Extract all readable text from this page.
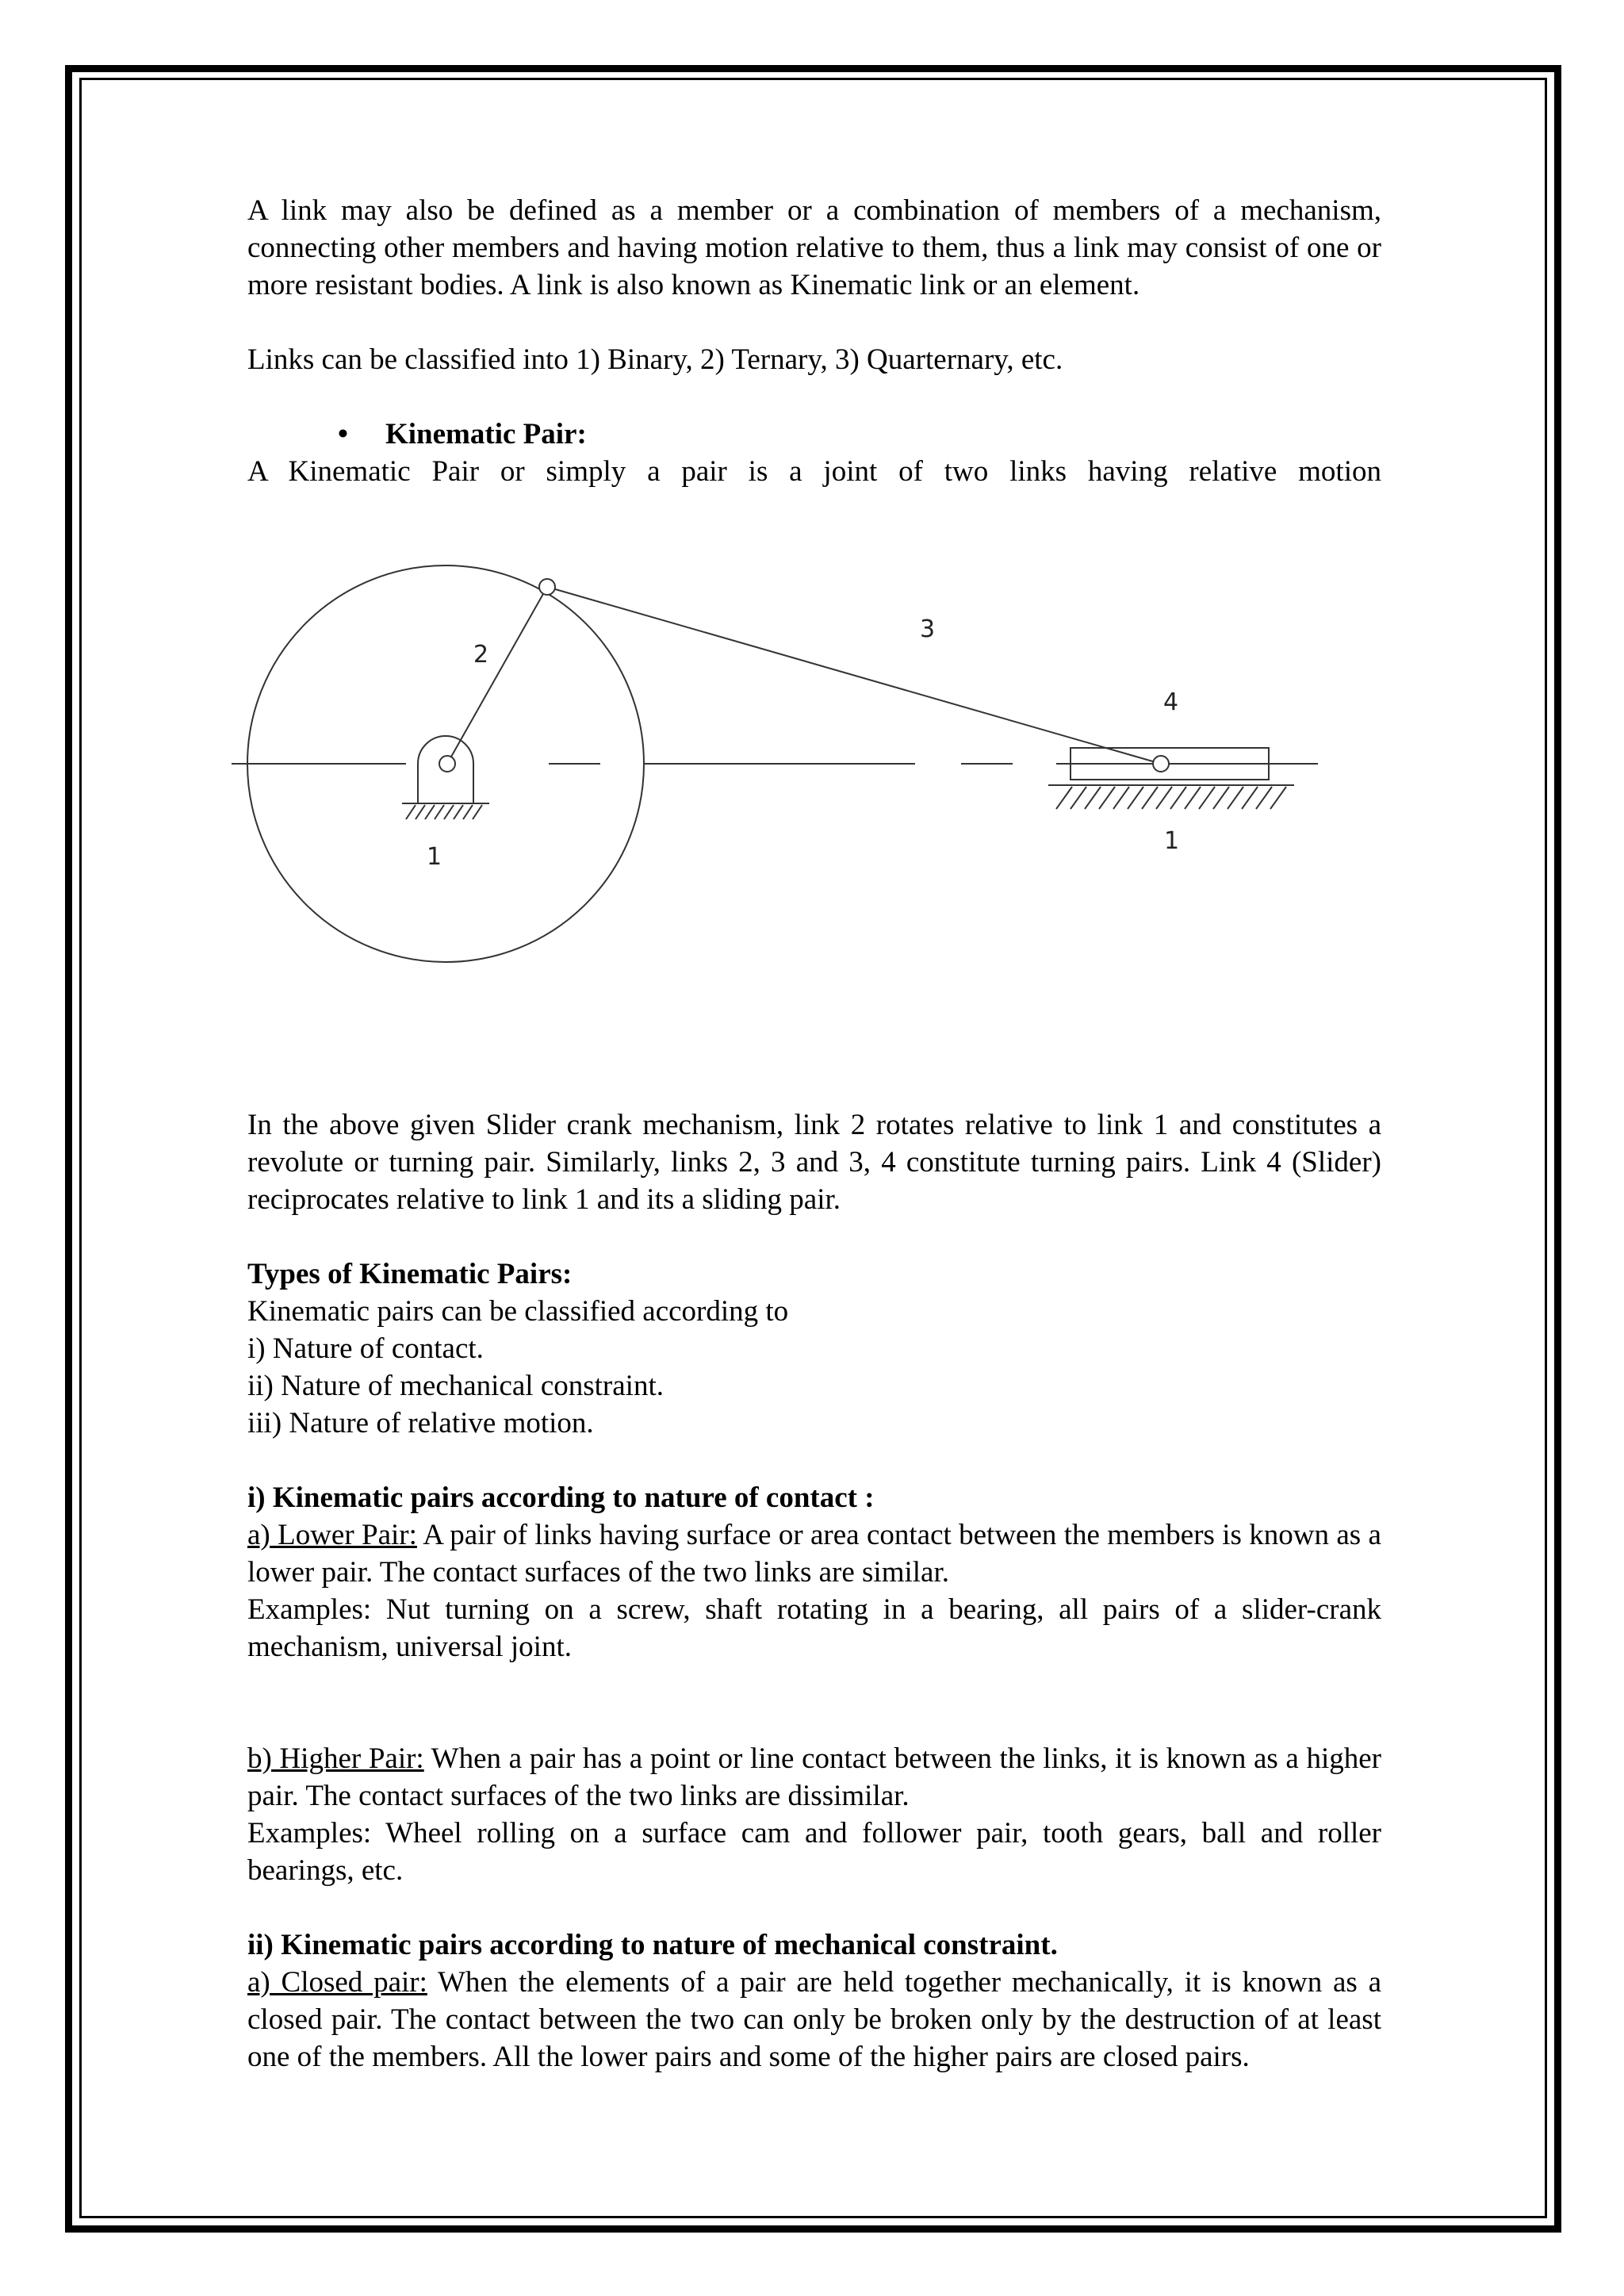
A link may also be defined as a member or a combination of members of a mechanism, connecting other members and having motion relative to them, thus a link may consist of one or more resistant bodies. A link is also known as Kinematic link or an element.

Links can be classified into 1) Binary, 2) Ternary, 3) Quarternary, etc.

•	Kinematic Pair:

A Kinematic Pair or simply a pair is a joint of two links having relative motion

2
3
4
1
1

In the above given Slider crank mechanism, link 2 rotates relative to link 1 and constitutes a revolute or turning pair. Similarly, links 2, 3 and 3, 4 constitute turning pairs. Link 4 (Slider) reciprocates relative to link 1 and its a sliding pair.

Types of Kinematic Pairs:

Kinematic pairs can be classified according to

i) Nature of contact.

ii) Nature of mechanical constraint.

iii) Nature of relative motion.

i) Kinematic pairs according to nature of contact :

a) Lower Pair: A pair of links having surface or area contact between the members is known as a lower pair. The contact surfaces of the two links are similar.

Examples: Nut turning on a screw, shaft rotating in a bearing, all pairs of a slider-crank mechanism, universal joint.

b) Higher Pair: When a pair has a point or line contact between the links, it is known as a higher pair. The contact surfaces of the two links are dissimilar.

Examples: Wheel rolling on a surface cam and follower pair, tooth gears, ball and roller bearings, etc.

ii) Kinematic pairs according to nature of mechanical constraint.

a) Closed pair: When the elements of a pair are held together mechanically, it is known as a closed pair. The contact between the two can only be broken only by the destruction of at least one of the members. All the lower pairs and some of the higher pairs are closed pairs.
